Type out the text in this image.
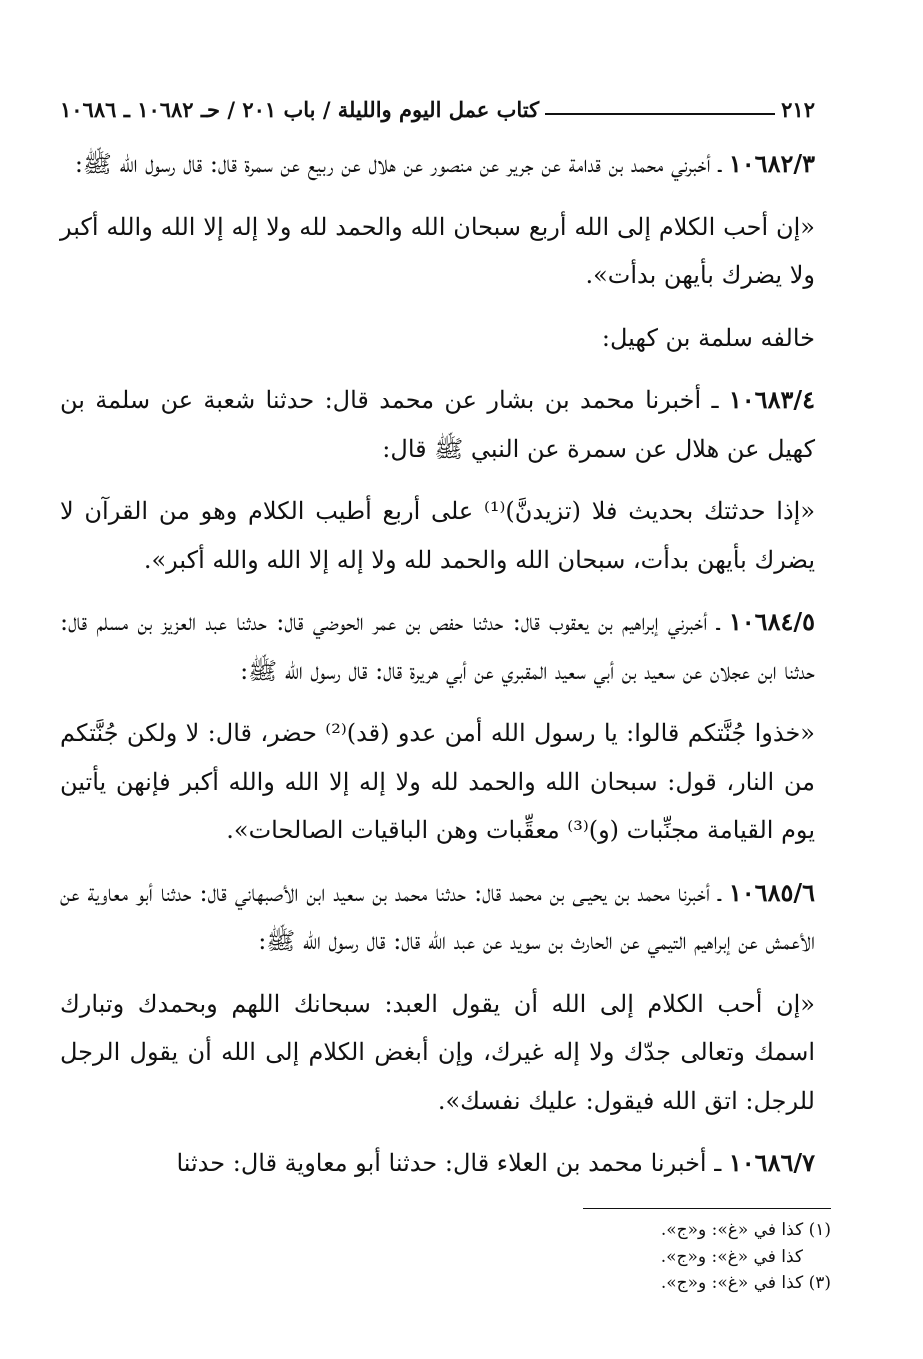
٢١٢
كتاب عمل اليوم والليلة / باب ٢٠١ / حـ ١٠٦٨٢ ـ ١٠٦٨٦

١٠٦٨٢/٣ ـ أخبرني محمد بن قدامة عن جرير عن منصور عن هلال عن ربيع عن سمرة قال: قال رسول الله ﷺ:

«إن أحب الكلام إلى الله أربع سبحان الله والحمد لله ولا إله إلا الله والله أكبر ولا يضرك بأيهن بدأت».

خالفه سلمة بن كهيل:

١٠٦٨٣/٤ ـ أخبرنا محمد بن بشار عن محمد قال: حدثنا شعبة عن سلمة بن كهيل عن هلال عن سمرة عن النبي ﷺ قال:

«إذا حدثتك بحديث فلا (تزيدنَّ)⁽¹⁾ على أربع أطيب الكلام وهو من القرآن لا يضرك بأيهن بدأت، سبحان الله والحمد لله ولا إله إلا الله والله أكبر».

١٠٦٨٤/٥ ـ أخبرني إبراهيم بن يعقوب قال: حدثنا حفص بن عمر الحوضي قال: حدثنا عبد العزيز بن مسلم قال: حدثنا ابن عجلان عن سعيد بن أبي سعيد المقبري عن أبي هريرة قال: قال رسول الله ﷺ:

«خذوا جُنَّتكم قالوا: يا رسول الله أمن عدو (قد)⁽²⁾ حضر، قال: لا ولكن جُنَّتكم من النار، قول: سبحان الله والحمد لله ولا إله إلا الله والله أكبر فإنهن يأتين يوم القيامة مجنِّبات (و)⁽³⁾ معقِّبات وهن الباقيات الصالحات».

١٠٦٨٥/٦ ـ أخبرنا محمد بن يحيـى بن محمد قال: حدثنا محمد بن سعيد ابن الأصبهاني قال: حدثنا أبو معاوية عن الأعمش عن إبراهيم التيمي عن الحارث بن سويد عن عبد الله قال: قال رسول الله ﷺ:

«إن أحب الكلام إلى الله أن يقول العبد: سبحانك اللهم وبحمدك وتبارك اسمك وتعالى جدّك ولا إله غيرك، وإن أبغض الكلام إلى الله أن يقول الرجل للرجل: اتق الله فيقول: عليك نفسك».

١٠٦٨٦/٧ ـ أخبرنا محمد بن العلاء قال: حدثنا أبو معاوية قال: حدثنا

(١) كذا في «غ»: و«ج».
كذا في «غ»: و«ج».
(٣) كذا في «غ»: و«ج».
